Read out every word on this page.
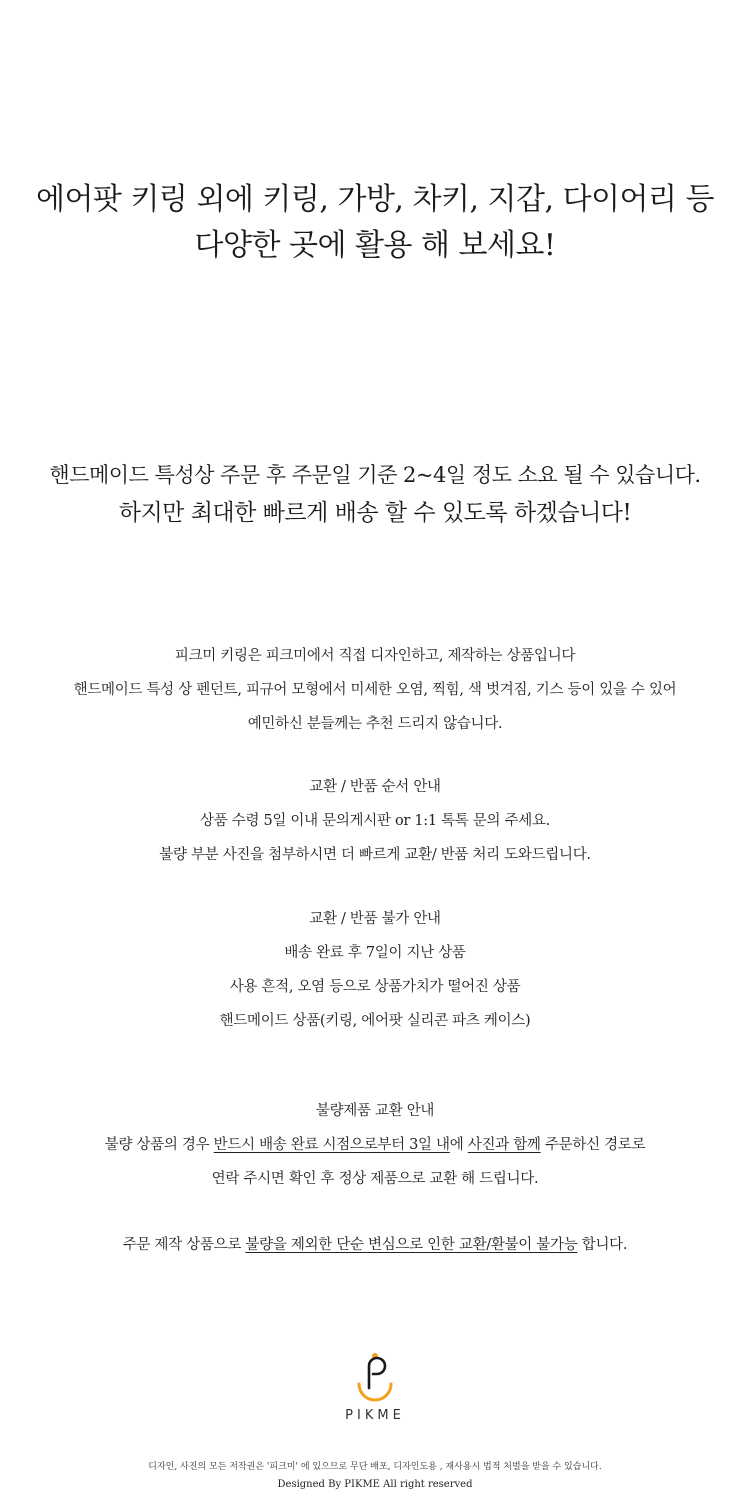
에어팟 키링 외에 키링, 가방, 차키, 지갑, 다이어리 등
다양한 곳에 활용 해 보세요!
핸드메이드 특성상 주문 후 주문일 기준 2~4일 정도 소요 될 수 있습니다.
하지만 최대한 빠르게 배송 할 수 있도록 하겠습니다!
피크미 키링은 피크미에서 직접 디자인하고, 제작하는 상품입니다
핸드메이드 특성 상 펜던트, 피규어 모형에서 미세한 오염, 찍힘, 색 벗겨짐, 기스 등이 있을 수 있어
예민하신 분들께는 추천 드리지 않습니다.
교환 / 반품 순서 안내
상품 수령 5일 이내 문의게시판 or 1:1 톡톡 문의 주세요.
불량 부분 사진을 첨부하시면 더 빠르게 교환/ 반품 처리 도와드립니다.
교환 / 반품 불가 안내
배송 완료 후 7일이 지난 상품
사용 흔적, 오염 등으로 상품가치가 떨어진 상품
핸드메이드 상품(키링, 에어팟 실리콘 파츠 케이스)
불량제품 교환 안내
불량 상품의 경우 반드시 배송 완료 시점으로부터 3일 내에 사진과 함께 주문하신 경로로
연락 주시면 확인 후 정상 제품으로 교환 해 드립니다.
주문 제작 상품으로 불량을 제외한 단순 변심으로 인한 교환/환불이 불가능 합니다.
PIKME
디자인, 사진의 모든 저작권은 '피크미' 에 있으므로 무단 배포, 디자인도용 , 재사용시 법적 처벌을 받을 수 있습니다.
Designed By PIKME All right reserved
